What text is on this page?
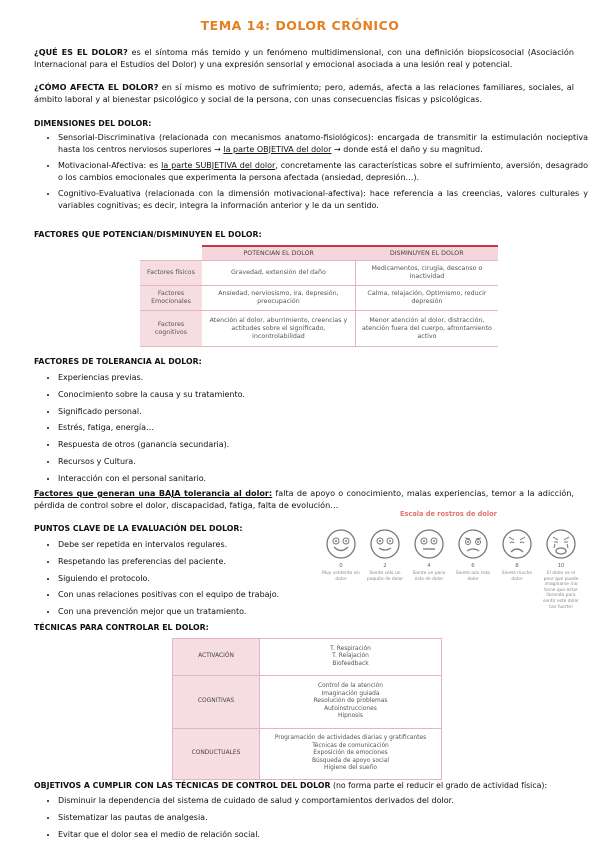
TEMA 14: DOLOR CRÓNICO
¿QUÉ ES EL DOLOR? es el síntoma más temido y un fenómeno multidimensional, con una definición biopsicosocial (Asociación Internacional para el Estudios del Dolor) y una expresión sensorial y emocional asociada a una lesión real y potencial.
¿CÓMO AFECTA EL DOLOR? en sí mismo es motivo de sufrimiento; pero, además, afecta a las relaciones familiares, sociales, al ámbito laboral y al bienestar psicológico y social de la persona, con unas consecuencias físicas y psicológicas.
DIMENSIONES DEL DOLOR:
• Sensorial-Discriminativa (relacionada con mecanismos anatomo-fisiológicos): encargada de transmitir la estimulación nocieptiva hasta los centros nerviosos superiores → la parte OBJETIVA del dolor → donde está el daño y su magnitud.
• Motivacional-Afectiva: es la parte SUBJETIVA del dolor, concretamente las características sobre el sufrimiento, aversión, desagrado o los cambios emocionales que experimenta la persona afectada (ansiedad, depresión…).
• Cognitivo-Evaluativa (relacionada con la dimensión motivacional-afectiva): hace referencia a las creencias, valores culturales y variables cognitivas; es decir, integra la información anterior y le da un sentido.
FACTORES QUE POTENCIAN/DISMINUYEN EL DOLOR:
	POTENCIAN EL DOLOR	DISMINUYEN EL DOLOR
Factores físicos	Gravedad, extensión del daño	Medicamentos, cirugía, descanso o inactividad
Factores Emocionales	Ansiedad, nerviosismo, ira, depresión, preocupación	Calma, relajación, Optimismo, reducir depresión
Factores cognitivos	Atención al dolor, aburrimiento, creencias y actitudes sobre el significado, incontrolabilidad	Menor atención al dolor, distracción, atención fuera del cuerpo, afrontamiento activo
FACTORES DE TOLERANCIA AL DOLOR:
• Experiencias previas.
• Conocimiento sobre la causa y su tratamiento.
• Significado personal.
• Estrés, fatiga, energía…
• Respuesta de otros (ganancia secundaria).
• Recursos y Cultura.
• Interacción con el personal sanitario.
Factores que generan una BAJA tolerancia al dolor: falta de apoyo o conocimiento, malas experiencias, temor a la adicción, pérdida de control sobre el dolor, discapacidad, fatiga, falta de evolución…
PUNTOS CLAVE DE LA EVALUACIÓN DEL DOLOR:
• Debe ser repetida en intervalos regulares.
• Respetando las preferencias del paciente.
• Siguiendo el protocolo.
• Con unas relaciones positivas con el equipo de trabajo.
• Con una prevención mejor que un tratamiento.
Escala de rostros de dolor
0
Muy contento sin dolor
2
Siente sólo un poquito de dolor
4
Siente un poco más de dolor
6
Siente aún más dolor
8
Siente mucho dolor
10
El dolor es el peor que puede imaginarse (no tiene que estar llorando para sentir este dolor tan fuerte)
TÉCNICAS PARA CONTROLAR EL DOLOR:
ACTIVACIÓN	T. Respiración
T. Relajación
Biofeedback

COGNITIVAS	Control de la atención
Imaginación guiada
Resolución de problemas
Autoinstrucciones
Hipnosis

CONDUCTUALES	Programación de actividades diarias y gratificantes
Técnicas de comunicación
Exposición de emociones
Búsqueda de apoyo social
Higiene del sueño
OBJETIVOS A CUMPLIR CON LAS TÉCNICAS DE CONTROL DEL DOLOR (no forma parte el reducir el grado de actividad física):
• Disminuir la dependencia del sistema de cuidado de salud y comportamientos derivados del dolor.
• Sistematizar las pautas de analgesia.
• Evitar que el dolor sea el medio de relación social.
